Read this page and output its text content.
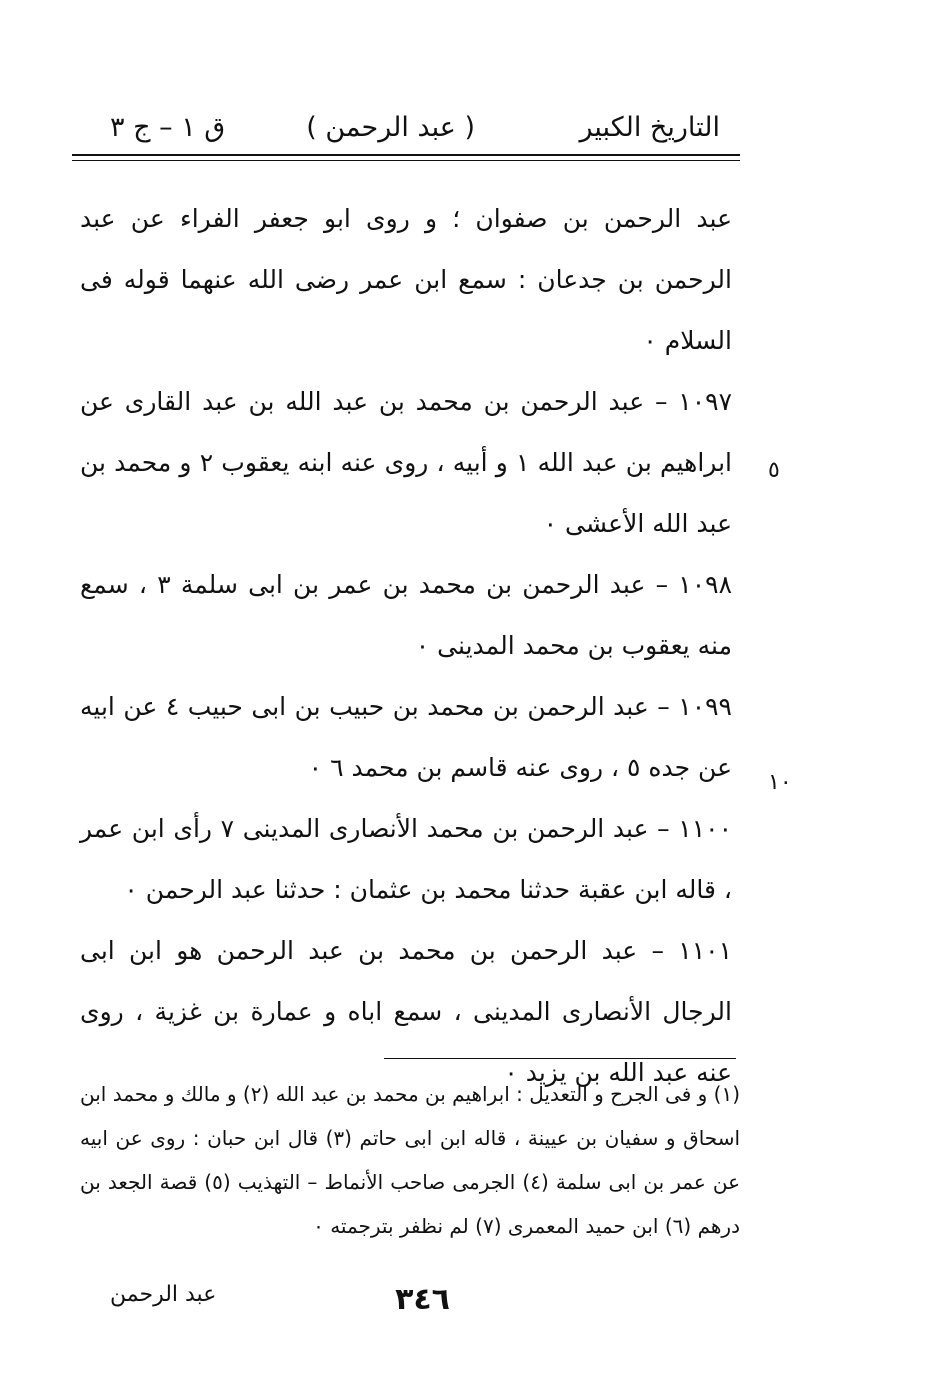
التاريخ الكبير
( عبد الرحمن )
ق ١ – ج ٣

عبد الرحمن بن صفوان ؛ و روى ابو جعفر الفراء عن عبد الرحمن بن جدعان : سمع ابن عمر رضى الله عنهما قوله فى السلام ٠

١٠٩٧ – عبد الرحمن بن محمد بن عبد الله بن عبد القارى عن ابراهيم بن عبد الله ١ و أبيه ، روى عنه ابنه يعقوب ٢ و محمد بن عبد الله الأعشى ٠

١٠٩٨ – عبد الرحمن بن محمد بن عمر بن ابى سلمة ٣ ، سمع منه يعقوب بن محمد المدينى ٠

١٠٩٩ – عبد الرحمن بن محمد بن حبيب بن ابى حبيب ٤ عن ابيه عن جده ٥ ، روى عنه قاسم بن محمد ٦ ٠

١١٠٠ – عبد الرحمن بن محمد الأنصارى المدينى ٧ رأى ابن عمر ، قاله ابن عقبة حدثنا محمد بن عثمان : حدثنا عبد الرحمن ٠

١١٠١ – عبد الرحمن بن محمد بن عبد الرحمن هو ابن ابى الرجال الأنصارى المدينى ، سمع اباه و عمارة بن غزية ، روى عنه عبد الله بن يزيد ٠

٥
١٠
(١) و فى الجرح و التعديل : ابراهيم بن محمد بن عبد الله (٢) و مالك و محمد ابن اسحاق و سفيان بن عيينة ، قاله ابن ابى حاتم (٣) قال ابن حبان : روى عن ابيه عن عمر بن ابى سلمة (٤) الجرمى صاحب الأنماط – التهذيب (٥) قصة الجعد بن درهم (٦) ابن حميد المعمرى (٧) لم نظفر بترجمته ٠
٣٤٦
عبد الرحمن
